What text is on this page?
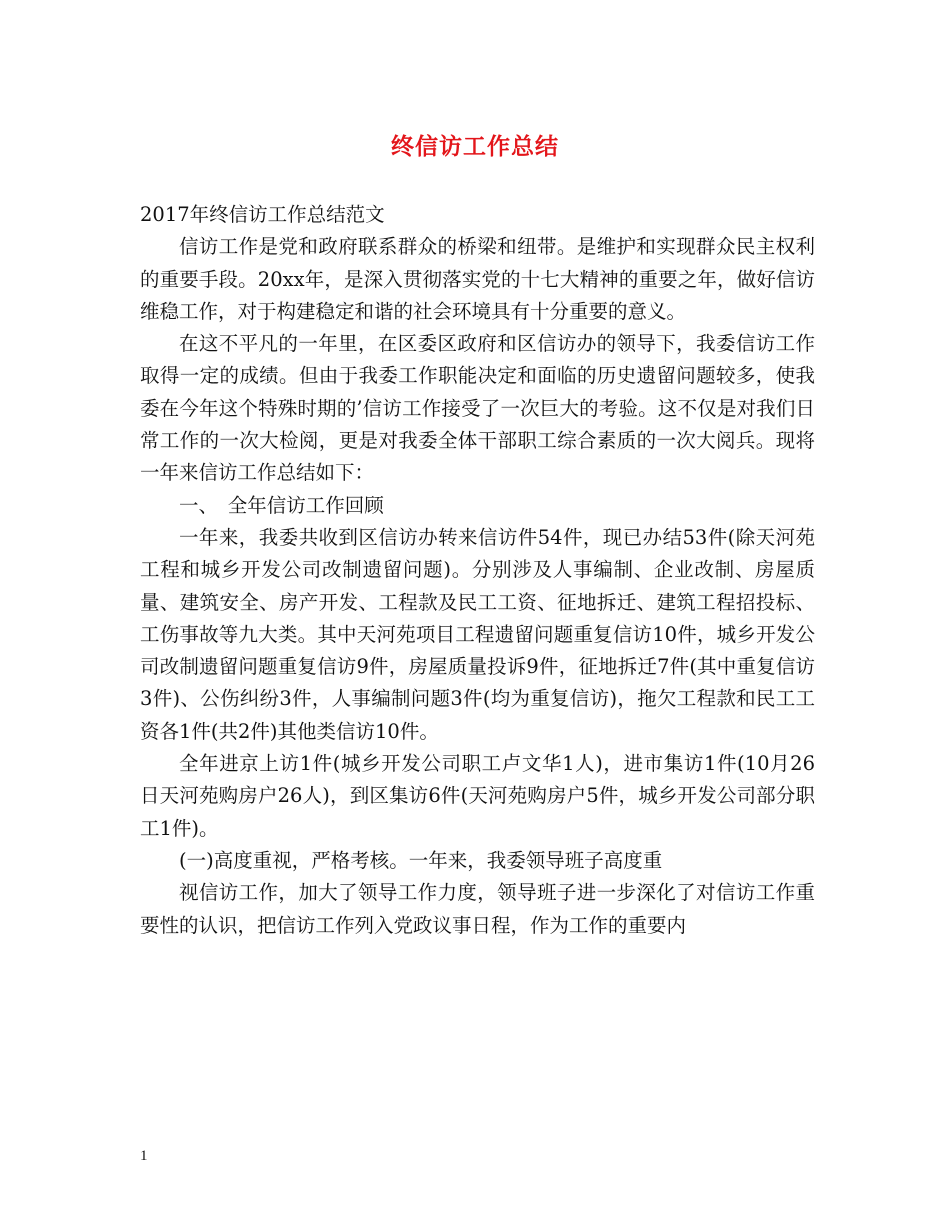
终信访工作总结

2017年终信访工作总结范文

信访工作是党和政府联系群众的桥梁和纽带。是维护和实现群众民主权利的重要手段。20xx年，是深入贯彻落实党的十七大精神的重要之年，做好信访维稳工作，对于构建稳定和谐的社会环境具有十分重要的意义。

在这不平凡的一年里，在区委区政府和区信访办的领导下，我委信访工作取得一定的成绩。但由于我委工作职能决定和面临的历史遗留问题较多，使我委在今年这个特殊时期的’信访工作接受了一次巨大的考验。这不仅是对我们日常工作的一次大检阅，更是对我委全体干部职工综合素质的一次大阅兵。现将一年来信访工作总结如下：

一、　全年信访工作回顾

一年来，我委共收到区信访办转来信访件54件，现已办结53件(除天河苑工程和城乡开发公司改制遗留问题)。分别涉及人事编制、企业改制、房屋质量、建筑安全、房产开发、工程款及民工工资、征地拆迁、建筑工程招投标、工伤事故等九大类。其中天河苑项目工程遗留问题重复信访10件，城乡开发公司改制遗留问题重复信访9件，房屋质量投诉9件，征地拆迁7件(其中重复信访3件)、公伤纠纷3件，人事编制问题3件(均为重复信访)，拖欠工程款和民工工资各1件(共2件)其他类信访10件。

全年进京上访1件(城乡开发公司职工卢文华1人)，进市集访1件(10月26日天河苑购房户26人)，到区集访6件(天河苑购房户5件，城乡开发公司部分职工1件)。

(一)高度重视，严格考核。一年来，我委领导班子高度重

视信访工作，加大了领导工作力度，领导班子进一步深化了对信访工作重要性的认识，把信访工作列入党政议事日程，作为工作的重要内

1
